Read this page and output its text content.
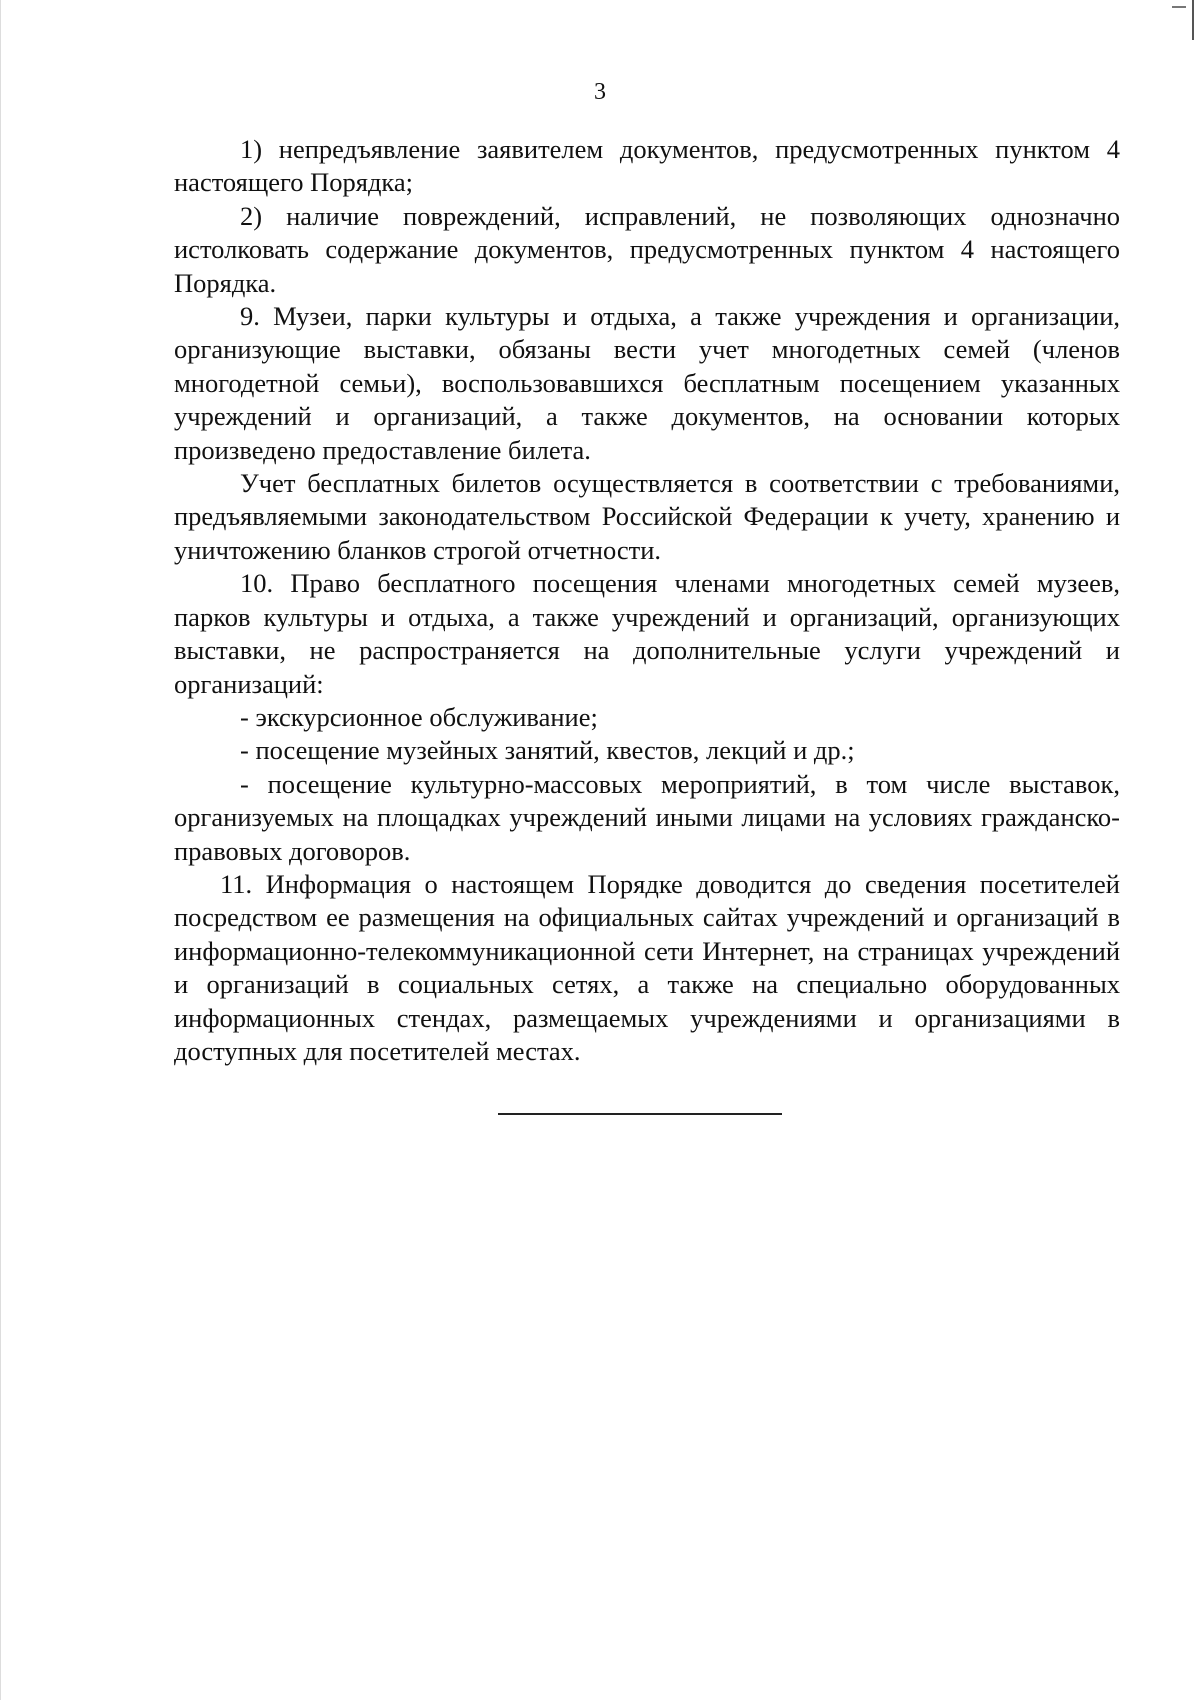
3

1) непредъявление заявителем документов, предусмотренных пунктом 4 настоящего Порядка;

2) наличие повреждений, исправлений, не позволяющих однозначно истолковать содержание документов, предусмотренных пунктом 4 настоящего Порядка.

9. Музеи, парки культуры и отдыха, а также учреждения и организации, организующие выставки, обязаны вести учет многодетных семей (членов многодетной семьи), воспользовавшихся бесплатным посещением указанных учреждений и организаций, а также документов, на основании которых произведено предоставление билета.

Учет бесплатных билетов осуществляется в соответствии с требованиями, предъявляемыми законодательством Российской Федерации к учету, хранению и уничтожению бланков строгой отчетности.

10. Право бесплатного посещения членами многодетных семей музеев, парков культуры и отдыха, а также учреждений и организаций, организующих выставки, не распространяется на дополнительные услуги учреждений и организаций:

- экскурсионное обслуживание;

- посещение музейных занятий, квестов, лекций и др.;

- посещение культурно-массовых мероприятий, в том числе выставок, организуемых на площадках учреждений иными лицами на условиях гражданско-правовых договоров.

11. Информация о настоящем Порядке доводится до сведения посетителей посредством ее размещения на официальных сайтах учреждений и организаций в информационно-телекоммуникационной сети Интернет, на страницах учреждений и организаций в социальных сетях, а также на специально оборудованных информационных стендах, размещаемых учреждениями и организациями в доступных для посетителей местах.
